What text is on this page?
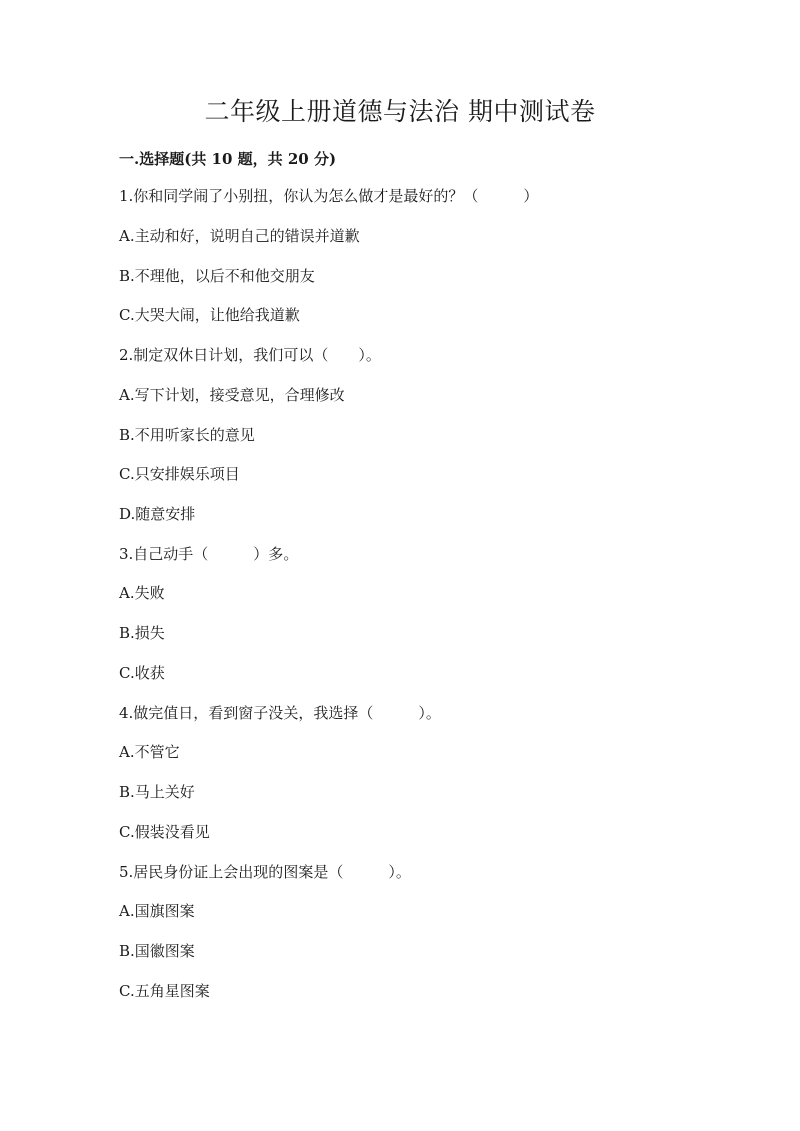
二年级上册道德与法治 期中测试卷
一.选择题(共 10 题，共 20 分)
1.你和同学闹了小别扭，你认为怎么做才是最好的？（　　　）
A.主动和好，说明自己的错误并道歉
B.不理他，以后不和他交朋友
C.大哭大闹，让他给我道歉
2.制定双休日计划，我们可以（　　）。
A.写下计划，接受意见，合理修改
B.不用听家长的意见
C.只安排娱乐项目
D.随意安排
3.自己动手（　　　）多。
A.失败
B.损失
C.收获
4.做完值日，看到窗子没关，我选择（　　　）。
A.不管它
B.马上关好
C.假装没看见
5.居民身份证上会出现的图案是（　　　）。
A.国旗图案
B.国徽图案
C.五角星图案
